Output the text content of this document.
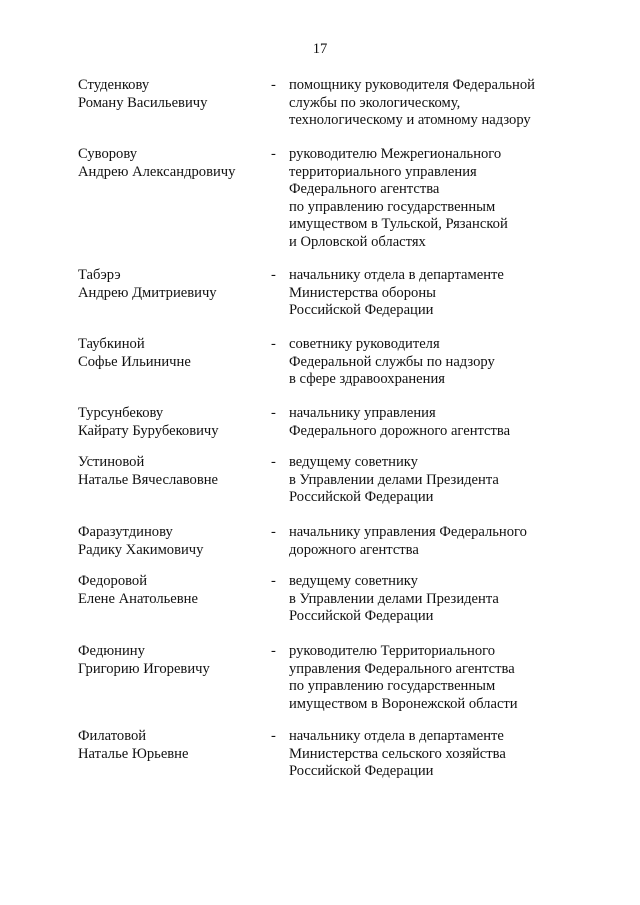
17
Студенкову
Роману Васильевичу
- помощнику руководителя Федеральной
службы по экологическому,
технологическому и атомному надзору
Суворову
Андрею Александровичу
- руководителю Межрегионального
территориального управления
Федерального агентства
по управлению государственным
имуществом в Тульской, Рязанской
и Орловской областях
Табэрэ
Андрею Дмитриевичу
- начальнику отдела в департаменте
Министерства обороны
Российской Федерации
Таубкиной
Софье Ильиничне
- советнику руководителя
Федеральной службы по надзору
в сфере здравоохранения
Турсунбекову
Кайрату Бурубековичу
- начальнику управления
Федерального дорожного агентства
Устиновой
Наталье Вячеславовне
- ведущему советнику
в Управлении делами Президента
Российской Федерации
Фаразутдинову
Радику Хакимовичу
- начальнику управления Федерального
дорожного агентства
Федоровой
Елене Анатольевне
- ведущему советнику
в Управлении делами Президента
Российской Федерации
Федюнину
Григорию Игоревичу
- руководителю Территориального
управления Федерального агентства
по управлению государственным
имуществом в Воронежской области
Филатовой
Наталье Юрьевне
- начальнику отдела в департаменте
Министерства сельского хозяйства
Российской Федерации
